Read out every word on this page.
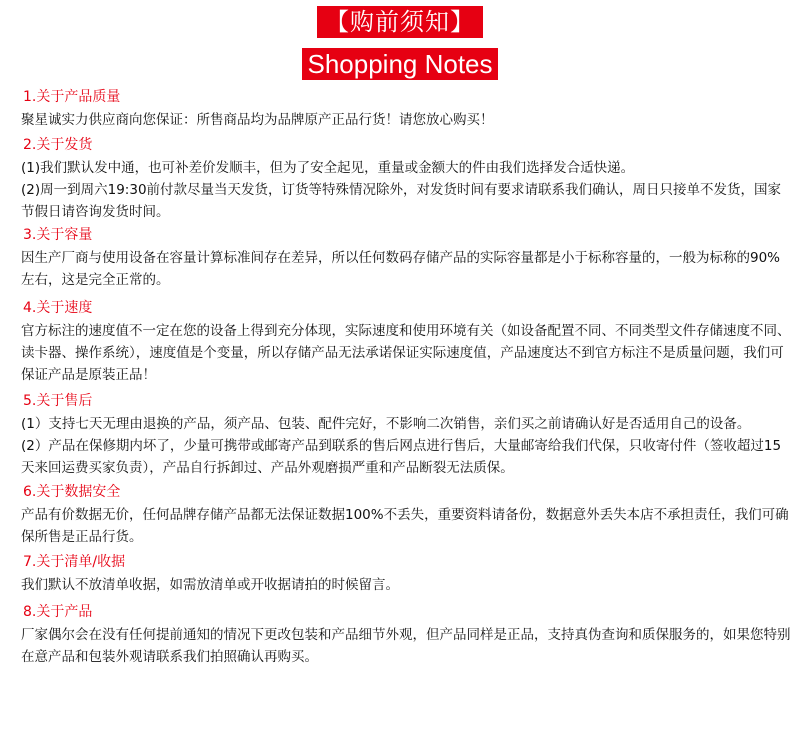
【购前须知】
Shopping Notes
1.关于产品质量

聚星诚实力供应商向您保证：所售商品均为品牌原产正品行货！请您放心购买！

2.关于发货

(1)我们默认发中通，也可补差价发顺丰，但为了安全起见，重量或金额大的件由我们选择发合适快递。

(2)周一到周六19:30前付款尽量当天发货，订货等特殊情况除外，对发货时间有要求请联系我们确认，周日只接单不发货，国家节假日请咨询发货时间。

3.关于容量

因生产厂商与使用设备在容量计算标准间存在差异，所以任何数码存储产品的实际容量都是小于标称容量的，一般为标称的90%左右，这是完全正常的。

4.关于速度

官方标注的速度值不一定在您的设备上得到充分体现，实际速度和使用环境有关（如设备配置不同、不同类型文件存储速度不同、读卡器、操作系统），速度值是个变量，所以存储产品无法承诺保证实际速度值，产品速度达不到官方标注不是质量问题，我们可保证产品是原装正品！

5.关于售后

(1）支持七天无理由退换的产品，须产品、包装、配件完好，不影响二次销售，亲们买之前请确认好是否适用自己的设备。

(2）产品在保修期内坏了，少量可携带或邮寄产品到联系的售后网点进行售后，大量邮寄给我们代保，只收寄付件（签收超过15天来回运费买家负责），产品自行拆卸过、产品外观磨损严重和产品断裂无法质保。

6.关于数据安全

产品有价数据无价，任何品牌存储产品都无法保证数据100%不丢失，重要资料请备份，数据意外丢失本店不承担责任，我们可确保所售是正品行货。

7.关于清单/收据

我们默认不放清单收据，如需放清单或开收据请拍的时候留言。

8.关于产品

厂家偶尔会在没有任何提前通知的情况下更改包装和产品细节外观，但产品同样是正品，支持真伪查询和质保服务的，如果您特别在意产品和包装外观请联系我们拍照确认再购买。
